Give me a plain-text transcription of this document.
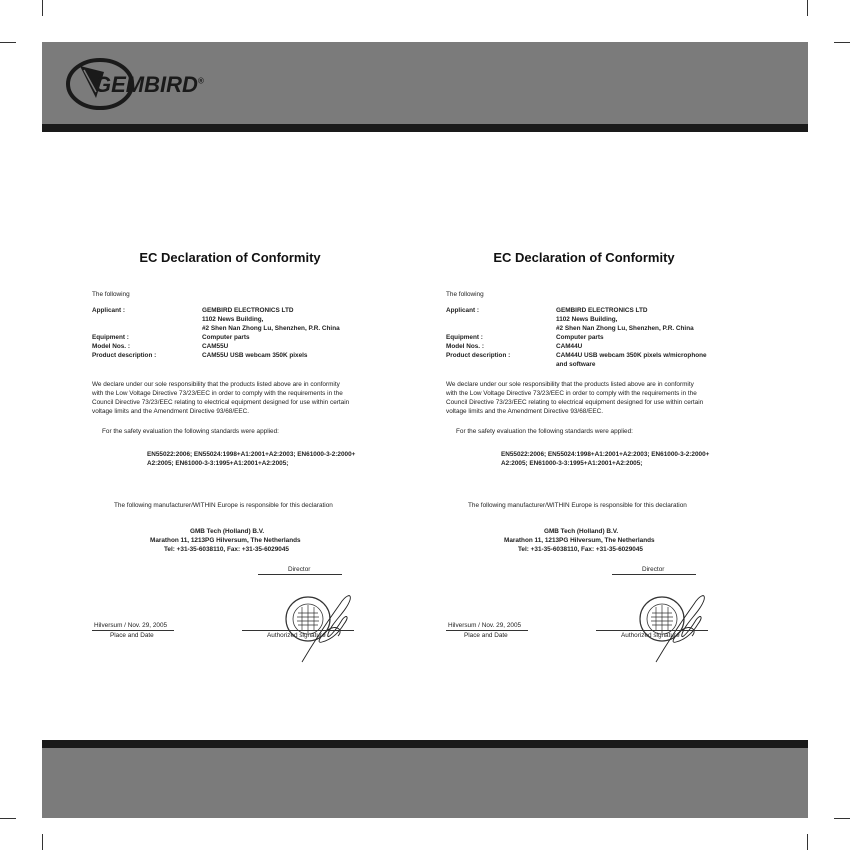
GEMBIRD®
EC Declaration of Conformity
The following
Applicant :	GEMBIRD ELECTRONICS LTD
1102 News Building,
#2 Shen Nan Zhong Lu, Shenzhen, P.R. China
Equipment :	Computer parts
Model Nos. :	CAM55U
Product description :	CAM55U USB webcam 350K pixels
We declare under our sole responsibility that the products listed above are in conformity
with the Low Voltage Directive 73/23/EEC in order to comply with the requirements in the
Council Directive 73/23/EEC relating to electrical equipment designed for use within certain
voltage limits and the Amendment Directive 93/68/EEC.
For the safety evaluation the following standards were applied:
EN55022:2006; EN55024:1998+A1:2001+A2:2003; EN61000-3-2:2000+
A2:2005; EN61000-3-3:1995+A1:2001+A2:2005;
The following manufacturer/WITHIN Europe is responsible for this declaration
GMB Tech (Holland) B.V.
Marathon 11, 1213PG Hilversum, The Netherlands
Tel: +31-35-6038110, Fax: +31-35-6029045
Director
Hilversum / Nov. 29, 2005
Place and Date	Authorized signature
EC Declaration of Conformity
The following
Applicant :	GEMBIRD ELECTRONICS LTD
1102 News Building,
#2 Shen Nan Zhong Lu, Shenzhen, P.R. China
Equipment :	Computer parts
Model Nos. :	CAM44U
Product description :	CAM44U USB webcam 350K pixels w/microphone
and software
We declare under our sole responsibility that the products listed above are in conformity
with the Low Voltage Directive 73/23/EEC in order to comply with the requirements in the
Council Directive 73/23/EEC relating to electrical equipment designed for use within certain
voltage limits and the Amendment Directive 93/68/EEC.
For the safety evaluation the following standards were applied:
EN55022:2006; EN55024:1998+A1:2001+A2:2003; EN61000-3-2:2000+
A2:2005; EN61000-3-3:1995+A1:2001+A2:2005;
The following manufacturer/WITHIN Europe is responsible for this declaration
GMB Tech (Holland) B.V.
Marathon 11, 1213PG Hilversum, The Netherlands
Tel: +31-35-6038110, Fax: +31-35-6029045
Director
Hilversum / Nov. 29, 2005
Place and Date	Authorized signature
